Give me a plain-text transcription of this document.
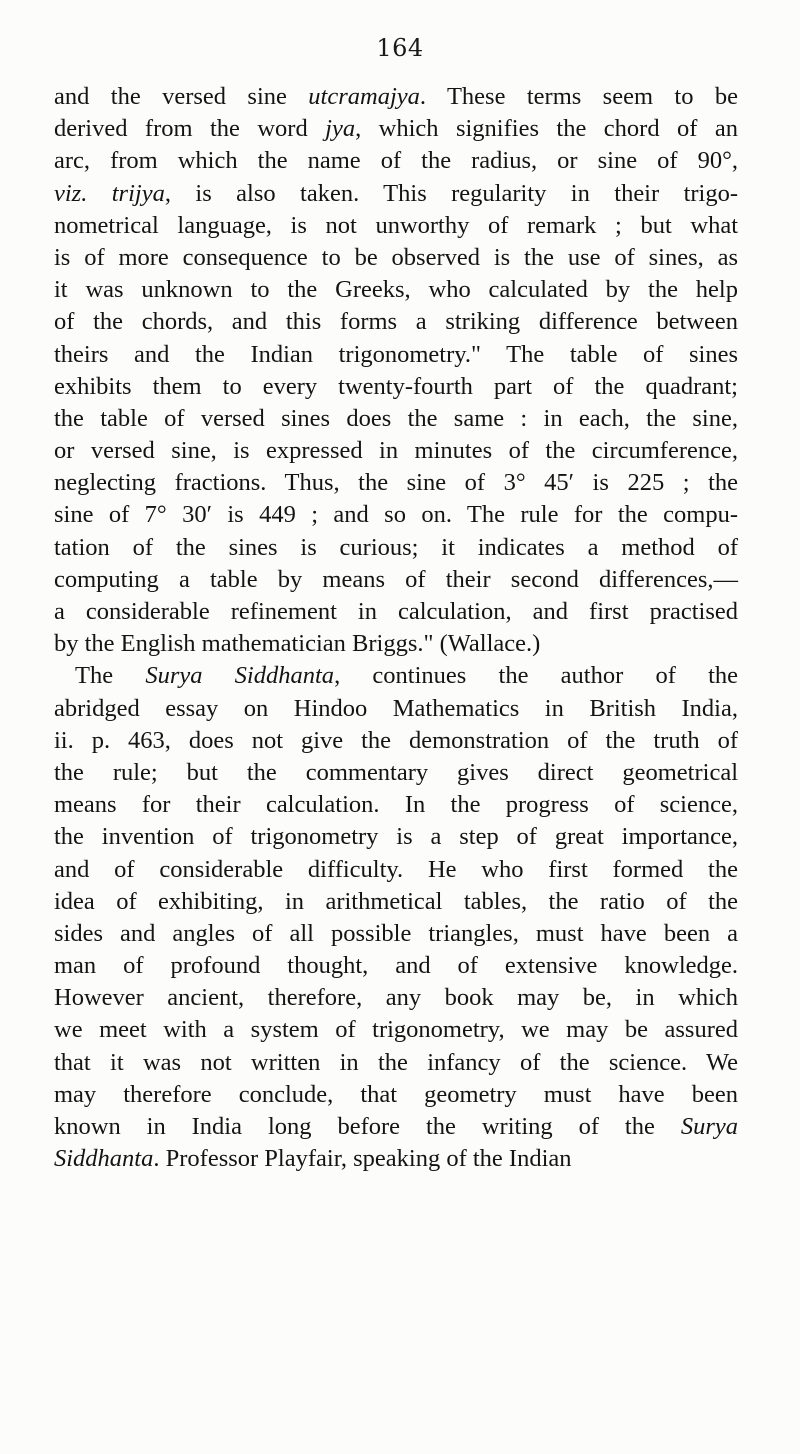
164
and the versed sine utcramajya. These terms seem to be
derived from the word jya, which signifies the chord of an
arc, from which the name of the radius, or sine of 90°,
viz. trijya, is also taken. This regularity in their trigo-
nometrical language, is not unworthy of remark ; but what
is of more consequence to be observed is the use of sines, as
it was unknown to the Greeks, who calculated by the help
of the chords, and this forms a striking difference between
theirs and the Indian trigonometry." The table of sines
exhibits them to every twenty-fourth part of the quadrant;
the table of versed sines does the same : in each, the sine,
or versed sine, is expressed in minutes of the circumference,
neglecting fractions. Thus, the sine of 3° 45′ is 225 ; the
sine of 7° 30′ is 449 ; and so on. The rule for the compu-
tation of the sines is curious; it indicates a method of
computing a table by means of their second differences,—
a considerable refinement in calculation, and first practised
by the English mathematician Briggs." (Wallace.)
The Surya Siddhanta, continues the author of the
abridged essay on Hindoo Mathematics in British India,
ii. p. 463, does not give the demonstration of the truth of
the rule; but the commentary gives direct geometrical
means for their calculation. In the progress of science,
the invention of trigonometry is a step of great importance,
and of considerable difficulty. He who first formed the
idea of exhibiting, in arithmetical tables, the ratio of the
sides and angles of all possible triangles, must have been a
man of profound thought, and of extensive knowledge.
However ancient, therefore, any book may be, in which
we meet with a system of trigonometry, we may be assured
that it was not written in the infancy of the science. We
may therefore conclude, that geometry must have been
known in India long before the writing of the Surya
Siddhanta. Professor Playfair, speaking of the Indian
